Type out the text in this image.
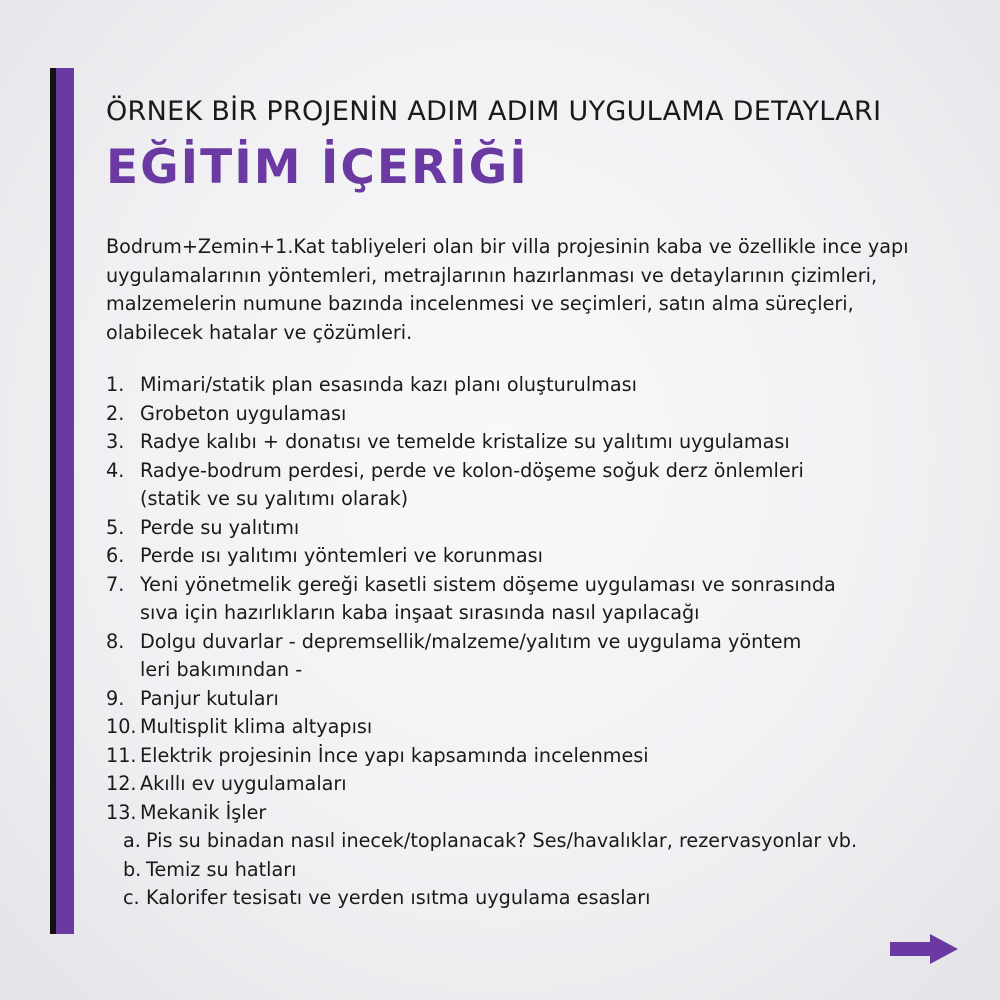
ÖRNEK BİR PROJENİN ADIM ADIM UYGULAMA DETAYLARI
EĞİTİM İÇERİĞİ

Bodrum+Zemin+1.Kat tabliyeleri olan bir villa projesinin kaba ve özellikle ince yapı uygulamalarının yöntemleri, metrajlarının hazırlanması ve detaylarının çizimleri, malzemelerin numune bazında incelenmesi ve seçimleri, satın alma süreçleri, olabilecek hatalar ve çözümleri.

1. Mimari/statik plan esasında kazı planı oluşturulması
2. Grobeton uygulaması
3. Radye kalıbı + donatısı ve temelde kristalize su yalıtımı uygulaması
4. Radye-bodrum perdesi, perde ve kolon-döşeme soğuk derz önlemleri
(statik ve su yalıtımı olarak)
5. Perde su yalıtımı
6. Perde ısı yalıtımı yöntemleri ve korunması
7. Yeni yönetmelik gereği kasetli sistem döşeme uygulaması ve sonrasında
sıva için hazırlıkların kaba inşaat sırasında nasıl yapılacağı
8. Dolgu duvarlar - depremsellik/malzeme/yalıtım ve uygulama yöntem
leri bakımından -
9. Panjur kutuları
10. Multisplit klima altyapısı
11. Elektrik projesinin İnce yapı kapsamında incelenmesi
12. Akıllı ev uygulamaları
13. Mekanik İşler
a. Pis su binadan nasıl inecek/toplanacak? Ses/havalıklar, rezervasyonlar vb.
b. Temiz su hatları
c. Kalorifer tesisatı ve yerden ısıtma uygulama esasları
